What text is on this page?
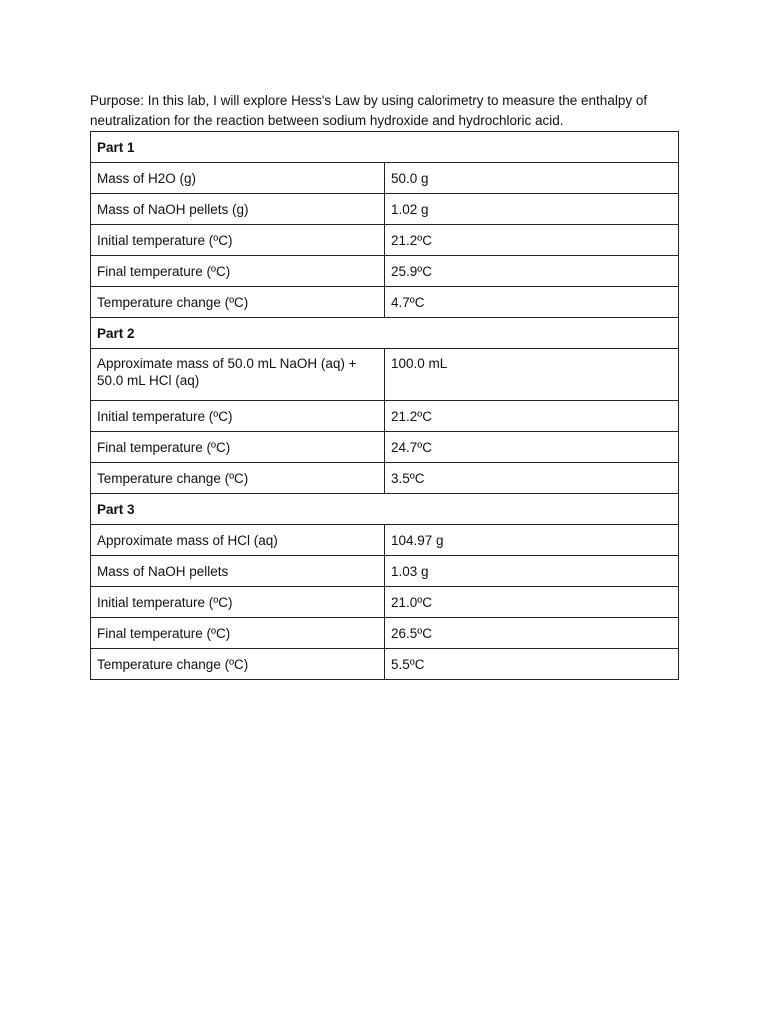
Purpose: In this lab, I will explore Hess's Law by using calorimetry to measure the enthalpy of neutralization for the reaction between sodium hydroxide and hydrochloric acid.

Part 1	
Mass of H2O (g)	50.0 g
Mass of NaOH pellets (g)	1.02 g
Initial temperature (ºC)	21.2ºC
Final temperature (ºC)	25.9ºC
Temperature change (ºC)	4.7ºC
Part 2	
Approximate mass of 50.0 mL NaOH (aq) + 50.0 mL HCl (aq)	100.0 mL
Initial temperature (ºC)	21.2ºC
Final temperature (ºC)	24.7ºC
Temperature change (ºC)	3.5ºC
Part 3	
Approximate mass of HCl (aq)	104.97 g
Mass of NaOH pellets	1.03 g
Initial temperature (ºC)	21.0ºC
Final temperature (ºC)	26.5ºC
Temperature change (ºC)	5.5ºC
